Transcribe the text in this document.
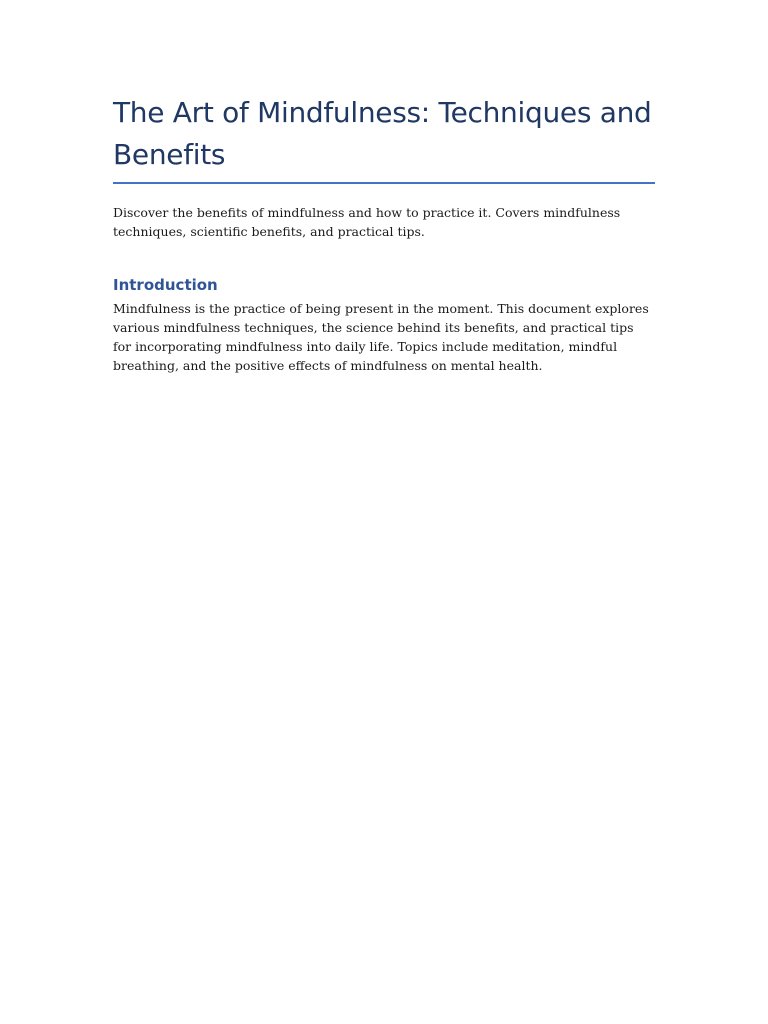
The Art of Mindfulness: Techniques and Benefits

Discover the benefits of mindfulness and how to practice it. Covers mindfulness techniques, scientific benefits, and practical tips.

Introduction

Mindfulness is the practice of being present in the moment. This document explores various mindfulness techniques, the science behind its benefits, and practical tips for incorporating mindfulness into daily life. Topics include meditation, mindful breathing, and the positive effects of mindfulness on mental health.
